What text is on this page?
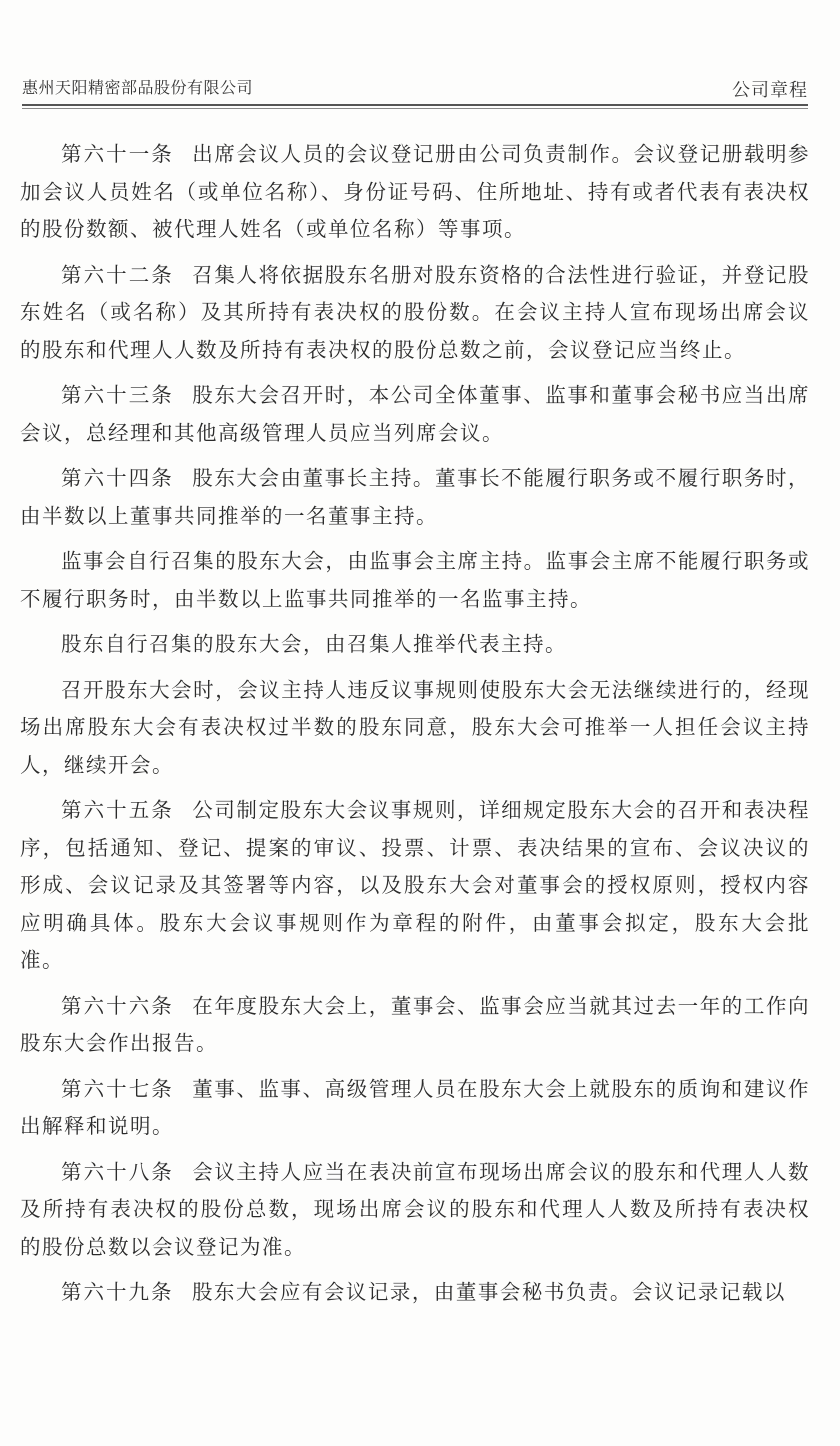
惠州天阳精密部品股份有限公司	公司章程

第六十一条 出席会议人员的会议登记册由公司负责制作。会议登记册载明参加会议人员姓名（或单位名称）、身份证号码、住所地址、持有或者代表有表决权的股份数额、被代理人姓名（或单位名称）等事项。

第六十二条 召集人将依据股东名册对股东资格的合法性进行验证，并登记股东姓名（或名称）及其所持有表决权的股份数。在会议主持人宣布现场出席会议的股东和代理人人数及所持有表决权的股份总数之前，会议登记应当终止。

第六十三条 股东大会召开时，本公司全体董事、监事和董事会秘书应当出席会议，总经理和其他高级管理人员应当列席会议。

第六十四条 股东大会由董事长主持。董事长不能履行职务或不履行职务时，由半数以上董事共同推举的一名董事主持。

监事会自行召集的股东大会，由监事会主席主持。监事会主席不能履行职务或不履行职务时，由半数以上监事共同推举的一名监事主持。

股东自行召集的股东大会，由召集人推举代表主持。

召开股东大会时，会议主持人违反议事规则使股东大会无法继续进行的，经现场出席股东大会有表决权过半数的股东同意，股东大会可推举一人担任会议主持人，继续开会。

第六十五条 公司制定股东大会议事规则，详细规定股东大会的召开和表决程序，包括通知、登记、提案的审议、投票、计票、表决结果的宣布、会议决议的形成、会议记录及其签署等内容，以及股东大会对董事会的授权原则，授权内容应明确具体。股东大会议事规则作为章程的附件，由董事会拟定，股东大会批准。

第六十六条 在年度股东大会上，董事会、监事会应当就其过去一年的工作向股东大会作出报告。

第六十七条 董事、监事、高级管理人员在股东大会上就股东的质询和建议作出解释和说明。

第六十八条 会议主持人应当在表决前宣布现场出席会议的股东和代理人人数及所持有表决权的股份总数，现场出席会议的股东和代理人人数及所持有表决权的股份总数以会议登记为准。

第六十九条 股东大会应有会议记录，由董事会秘书负责。会议记录记载以
